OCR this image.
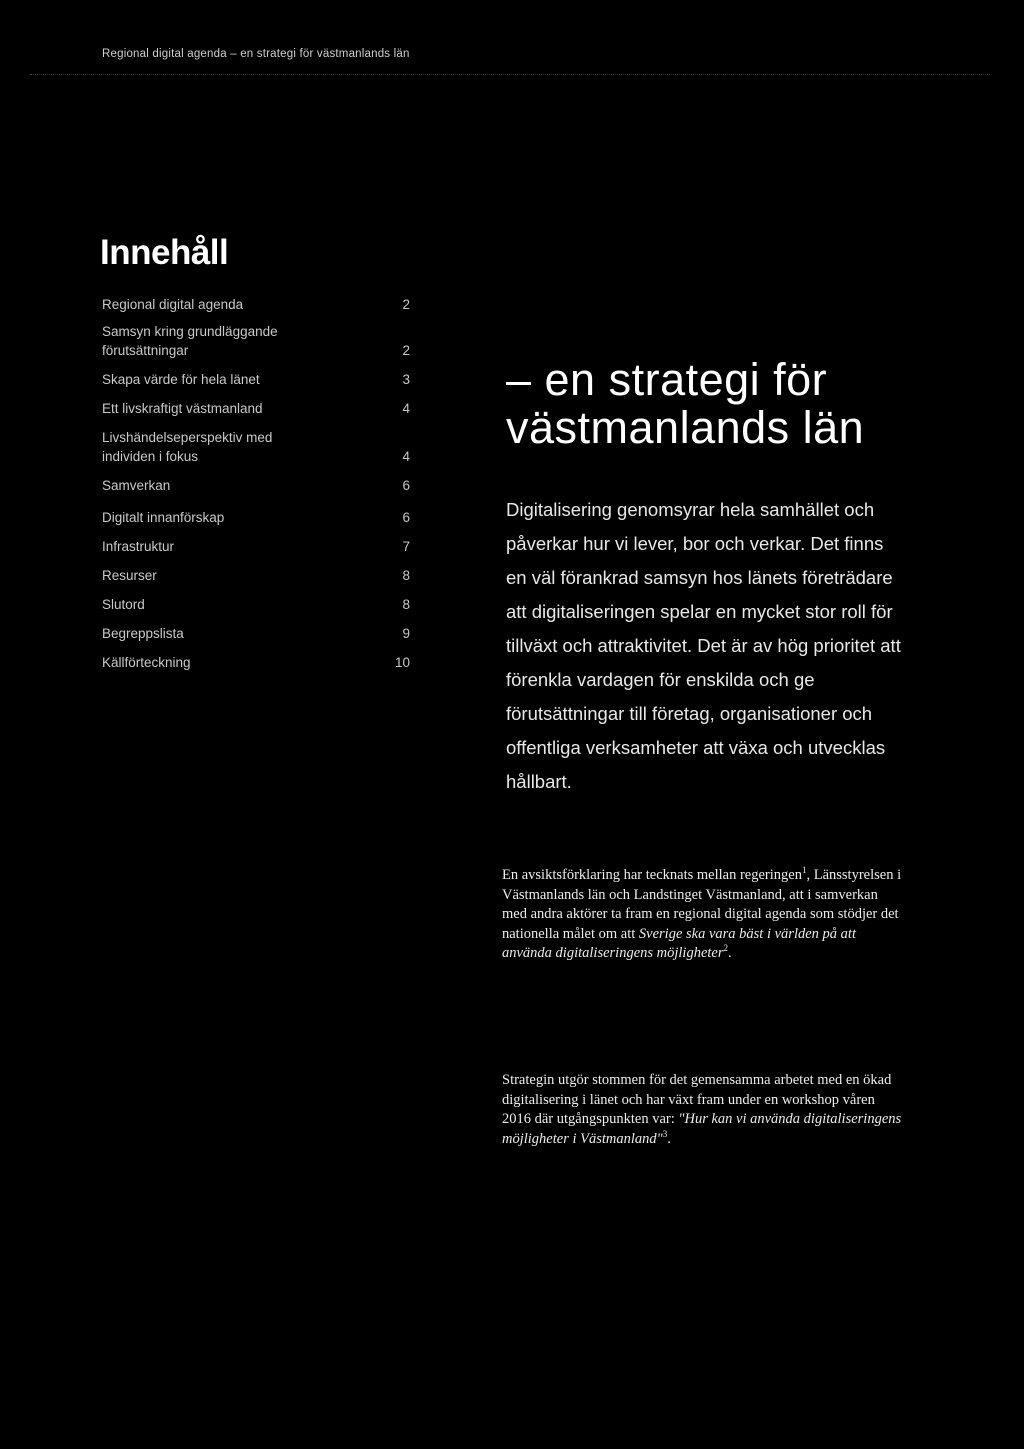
Regional digital agenda – en strategi för västmanlands län
Innehåll
Regional digital agenda	2
Samsyn kring grundläggande förutsättningar	2
Skapa värde för hela länet	3
Ett livskraftigt västmanland	4
Livshändelseperspektiv med individen i fokus	4
Samverkan	6
Digitalt innanförskap	6
Infrastruktur	7
Resurser	8
Slutord	8
Begreppslista	9
Källförteckning	10
– en strategi för västmanlands län

Digitalisering genomsyrar hela samhället och påverkar hur vi lever, bor och verkar. Det finns en väl förankrad samsyn hos länets företrädare att digitaliseringen spelar en mycket stor roll för tillväxt och attraktivitet. Det är av hög prioritet att förenkla vardagen för enskilda och ge förutsättningar till företag, organisationer och offentliga verksamheter att växa och utvecklas hållbart.

En avsiktsförklaring har tecknats mellan regeringen$^1$, Länsstyrelsen i Västmanlands län och Landstinget Västmanland, att i samverkan med andra aktörer ta fram en regional digital agenda som stödjer det nationella målet om att Sverige ska vara bäst i världen på att använda digitaliseringens möjligheter$^2$.

Strategin utgör stommen för det gemensamma arbetet med en ökad digitalisering i länet och har växt fram under en workshop våren 2016 där utgångspunkten var: "Hur kan vi använda digitaliseringens möjligheter i Västmanland"$^3$.
